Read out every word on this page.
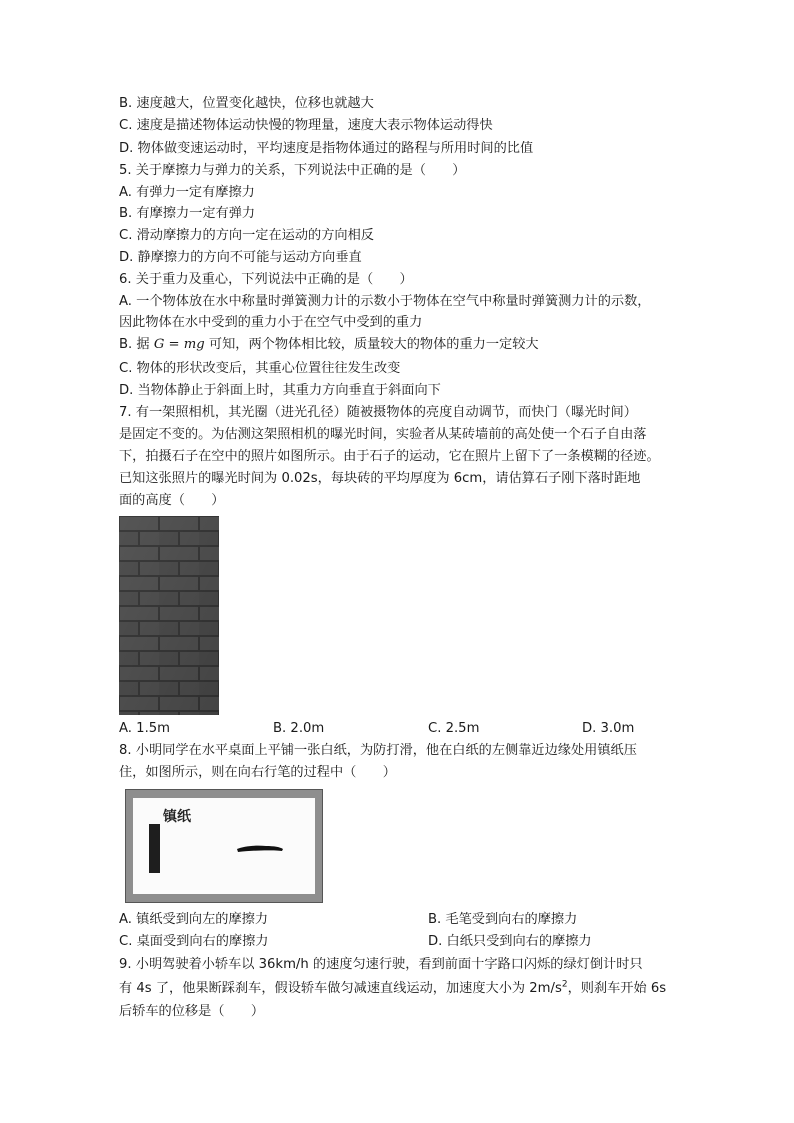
B. 速度越大，位置变化越快，位移也就越大
C. 速度是描述物体运动快慢的物理量，速度大表示物体运动得快
D. 物体做变速运动时，平均速度是指物体通过的路程与所用时间的比值
5. 关于摩擦力与弹力的关系，下列说法中正确的是（　　）
A. 有弹力一定有摩擦力
B. 有摩擦力一定有弹力
C. 滑动摩擦力的方向一定在运动的方向相反
D. 静摩擦力的方向不可能与运动方向垂直
6. 关于重力及重心，下列说法中正确的是（　　）
A. 一个物体放在水中称量时弹簧测力计的示数小于物体在空气中称量时弹簧测力计的示数，
因此物体在水中受到的重力小于在空气中受到的重力
B. 据 G = mg 可知，两个物体相比较，质量较大的物体的重力一定较大
C. 物体的形状改变后，其重心位置往往发生改变
D. 当物体静止于斜面上时，其重力方向垂直于斜面向下
7. 有一架照相机，其光圈（进光孔径）随被摄物体的亮度自动调节，而快门（曝光时间）
是固定不变的。为估测这架照相机的曝光时间，实验者从某砖墙前的高处使一个石子自由落
下，拍摄石子在空中的照片如图所示。由于石子的运动，它在照片上留下了一条模糊的径迹。
已知这张照片的曝光时间为 0.02s，每块砖的平均厚度为 6cm，请估算石子刚下落时距地
面的高度（　　）
A. 1.5m	B. 2.0m	C. 2.5m	D. 3.0m
8. 小明同学在水平桌面上平铺一张白纸，为防打滑，他在白纸的左侧靠近边缘处用镇纸压
住，如图所示，则在向右行笔的过程中（　　）
镇纸
A. 镇纸受到向左的摩擦力	B. 毛笔受到向右的摩擦力
C. 桌面受到向右的摩擦力	D. 白纸只受到向右的摩擦力
9. 小明驾驶着小轿车以 36km/h 的速度匀速行驶，看到前面十字路口闪烁的绿灯倒计时只
有 4s 了，他果断踩刹车，假设轿车做匀减速直线运动，加速度大小为 $2m/s^2$，则刹车开始 6s
后轿车的位移是（　　）
